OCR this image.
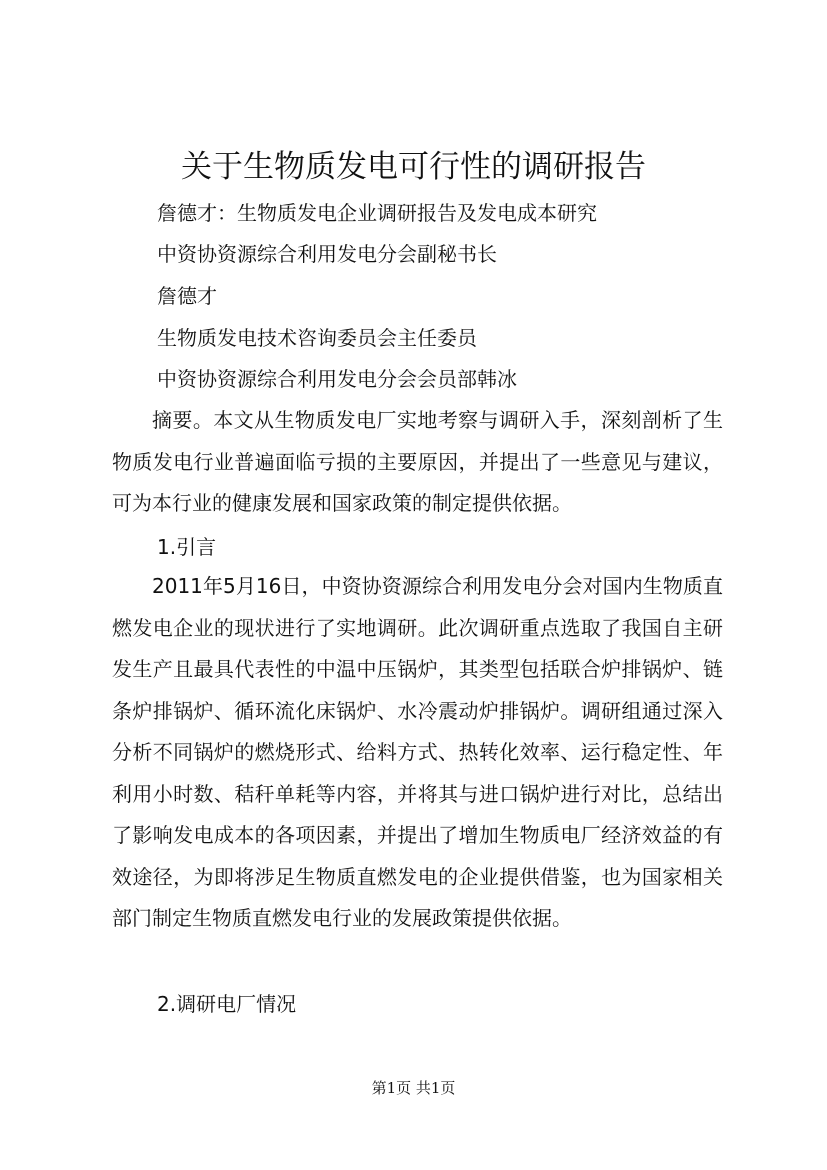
关于生物质发电可行性的调研报告
詹德才：生物质发电企业调研报告及发电成本研究
中资协资源综合利用发电分会副秘书长
詹德才
生物质发电技术咨询委员会主任委员
中资协资源综合利用发电分会会员部韩冰

摘要。本文从生物质发电厂实地考察与调研入手，深刻剖析了生物质发电行业普遍面临亏损的主要原因，并提出了一些意见与建议，可为本行业的健康发展和国家政策的制定提供依据。

1.引言

2011年5月16日，中资协资源综合利用发电分会对国内生物质直燃发电企业的现状进行了实地调研。此次调研重点选取了我国自主研发生产且最具代表性的中温中压锅炉，其类型包括联合炉排锅炉、链条炉排锅炉、循环流化床锅炉、水冷震动炉排锅炉。调研组通过深入分析不同锅炉的燃烧形式、给料方式、热转化效率、运行稳定性、年利用小时数、秸秆单耗等内容，并将其与进口锅炉进行对比，总结出了影响发电成本的各项因素，并提出了增加生物质电厂经济效益的有效途径，为即将涉足生物质直燃发电的企业提供借鉴，也为国家相关部门制定生物质直燃发电行业的发展政策提供依据。

2.调研电厂情况
第1页 共1页
